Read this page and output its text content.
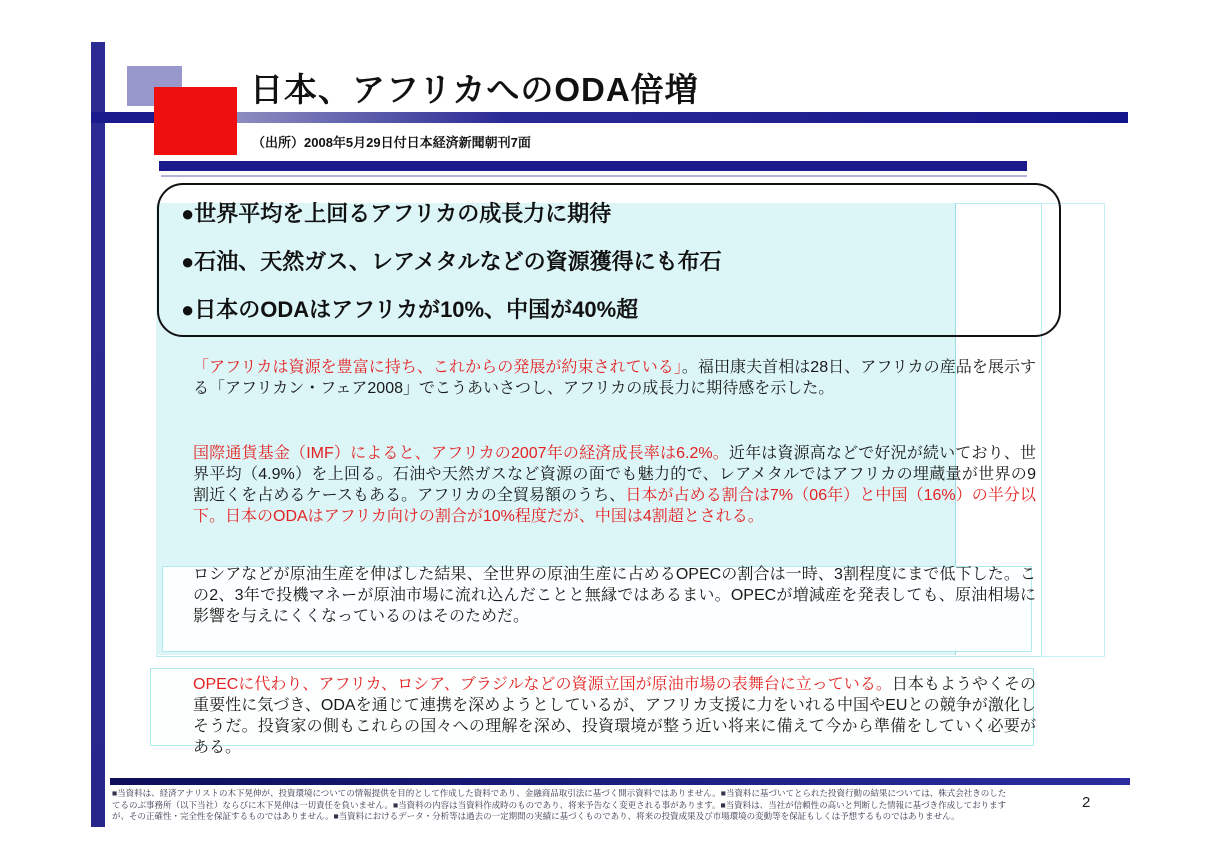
日本、アフリカへのODA倍増
（出所）2008年5月29日付日本経済新聞朝刊7面
●世界平均を上回るアフリカの成長力に期待
●石油、天然ガス、レアメタルなどの資源獲得にも布石
●日本のODAはアフリカが10%、中国が40%超
「アフリカは資源を豊富に持ち、これからの発展が約束されている」。福田康夫首相は28日、アフリカの産品を展示する「アフリカン・フェア2008」でこうあいさつし、アフリカの成長力に期待感を示した。
国際通貨基金（IMF）によると、アフリカの2007年の経済成長率は6.2%。近年は資源高などで好況が続いており、世界平均（4.9%）を上回る。石油や天然ガスなど資源の面でも魅力的で、レアメタルではアフリカの埋蔵量が世界の9割近くを占めるケースもある。アフリカの全貿易額のうち、日本が占める割合は7%（06年）と中国（16%）の半分以下。日本のODAはアフリカ向けの割合が10%程度だが、中国は4割超とされる。
ロシアなどが原油生産を伸ばした結果、全世界の原油生産に占めるOPECの割合は一時、3割程度にまで低下した。この2、3年で投機マネーが原油市場に流れ込んだことと無縁ではあるまい。OPECが増減産を発表しても、原油相場に影響を与えにくくなっているのはそのためだ。
OPECに代わり、アフリカ、ロシア、ブラジルなどの資源立国が原油市場の表舞台に立っている。日本もようやくその重要性に気づき、ODAを通じて連携を深めようとしているが、アフリカ支援に力をいれる中国やEUとの競争が激化しそうだ。投資家の側もこれらの国々への理解を深め、投資環境が整う近い将来に備えて今から準備をしていく必要がある。
■当資料は、経済アナリストの木下晃伸が、投資環境についての情報提供を目的として作成した資料であり、金融商品取引法に基づく開示資料ではありません。■当資料に基づいてとられた投資行動の結果については、株式会社きのした
てるのぶ事務所（以下当社）ならびに木下晃伸は一切責任を負いません。■当資料の内容は当資料作成時のものであり、将来予告なく変更される事があります。■当資料は、当社が信頼性の高いと判断した情報に基づき作成しております
が、その正確性・完全性を保証するものではありません。■当資料におけるデータ・分析等は過去の一定期間の実績に基づくものであり、将来の投資成果及び市場環境の変動等を保証もしくは予想するものではありません。
2
